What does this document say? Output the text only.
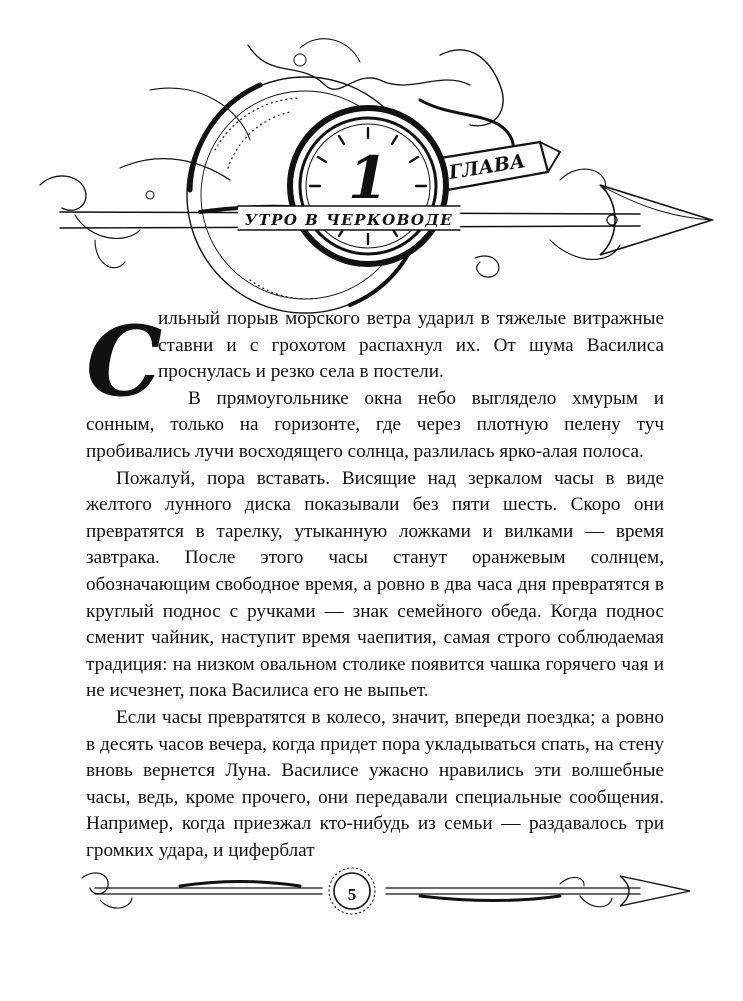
1	ГЛАВА
УТРО В ЧЕРКОВОДЕ

С
ильный порыв морского ветра ударил в тяжелые витражные ставни и с грохотом распахнул их. От шума Василиса проснулась и резко села в постели.

В прямоугольнике окна небо выглядело хмурым и сонным, только на горизонте, где через плотную пелену туч пробивались лучи восходящего солнца, разлилась ярко-алая полоса.

Пожалуй, пора вставать. Висящие над зеркалом часы в виде желтого лунного диска показывали без пяти шесть. Скоро они превратятся в тарелку, утыканную ложками и вилками — время завтрака. После этого часы станут оранжевым солнцем, обозначающим свободное время, а ровно в два часа дня превратятся в круглый поднос с ручками — знак семейного обеда. Когда поднос сменит чайник, наступит время чаепития, самая строго соблюдаемая традиция: на низком овальном столике появится чашка горячего чая и не исчезнет, пока Василиса его не выпьет.

Если часы превратятся в колесо, значит, впереди поездка; а ровно в десять часов вечера, когда придет пора укладываться спать, на стену вновь вернется Луна. Василисе ужасно нравились эти волшебные часы, ведь, кроме прочего, они передавали специальные сообщения. Например, когда приезжал кто-нибудь из семьи — раздавалось три громких удара, и циферблат

5
